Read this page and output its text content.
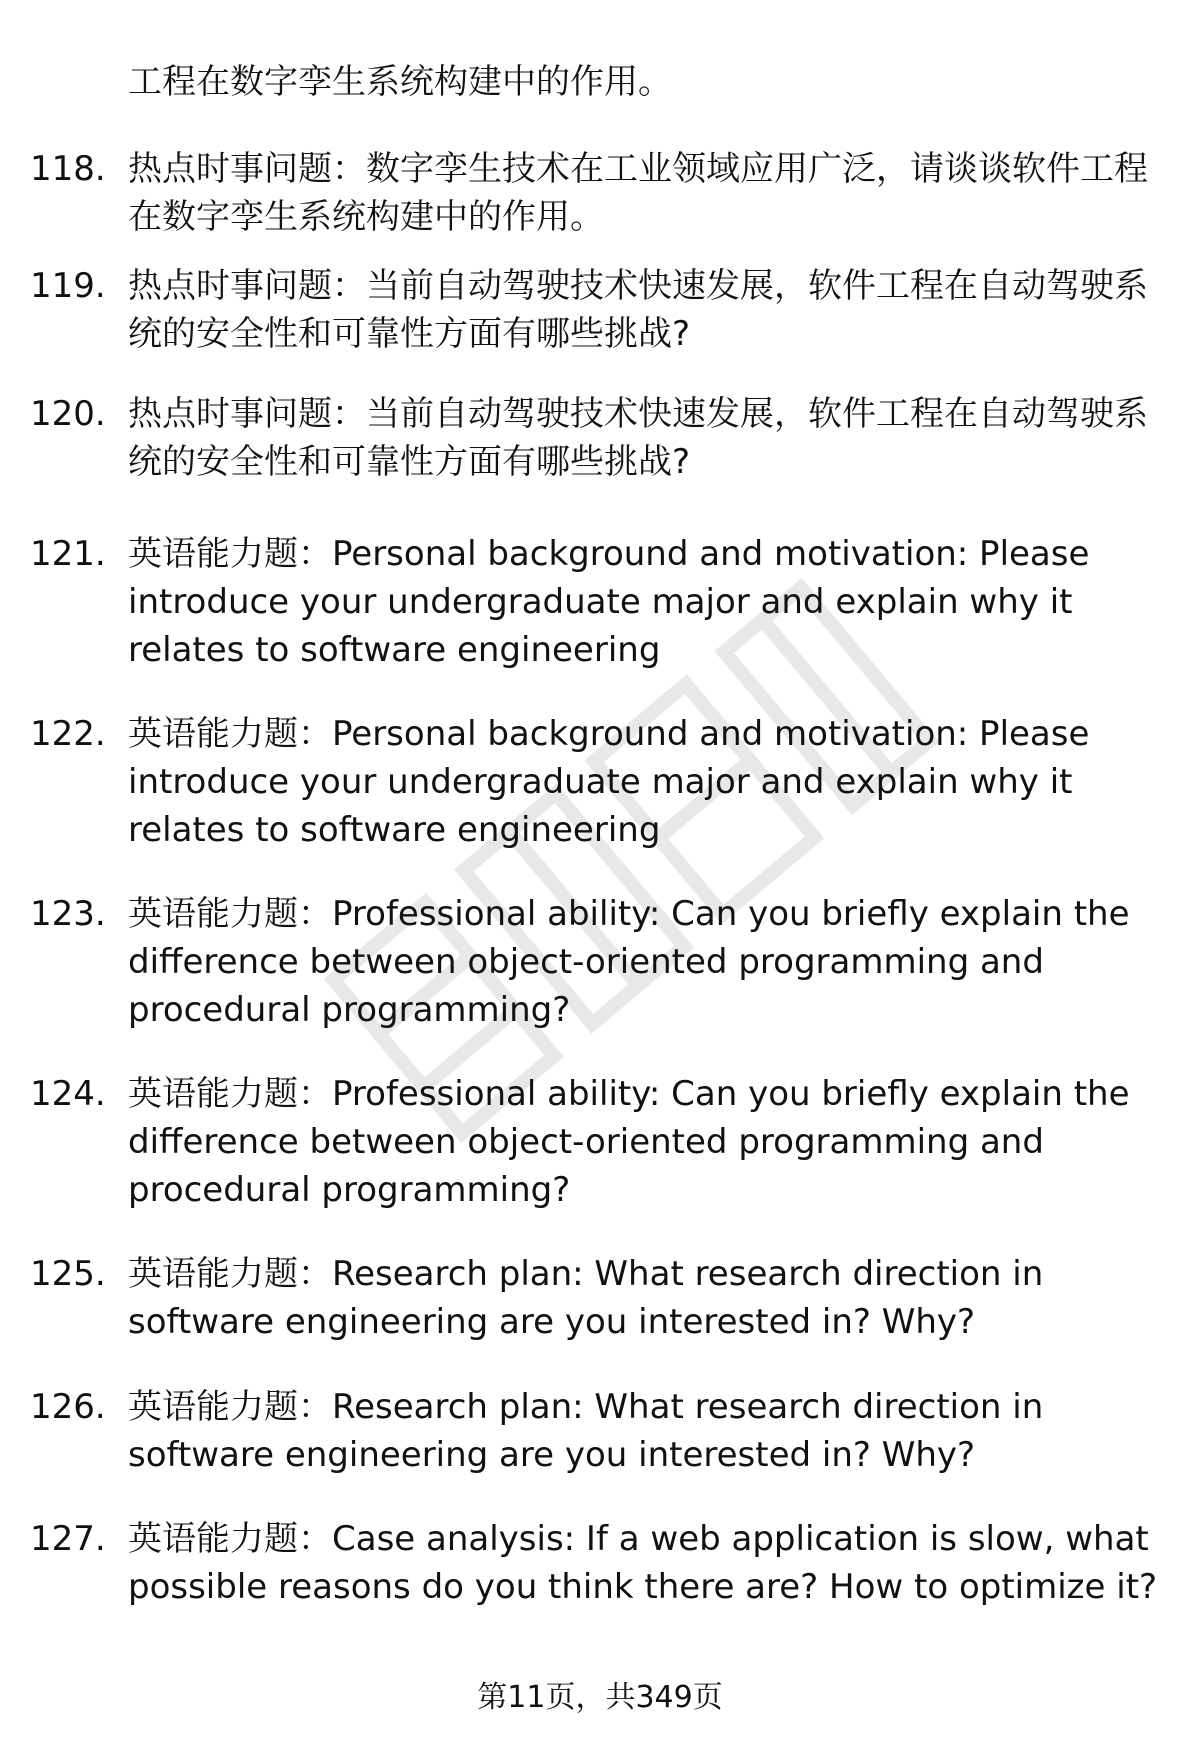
工程在数字孪生系统构建中的作用。
118. 热点时事问题：数字孪生技术在工业领域应用广泛，请谈谈软件工程在数字孪生系统构建中的作用。
119. 热点时事问题：当前自动驾驶技术快速发展，软件工程在自动驾驶系统的安全性和可靠性方面有哪些挑战?
120. 热点时事问题：当前自动驾驶技术快速发展，软件工程在自动驾驶系统的安全性和可靠性方面有哪些挑战?
121. 英语能力题：Personal background and motivation: Please introduce your undergraduate major and explain why it relates to software engineering
122. 英语能力题：Personal background and motivation: Please introduce your undergraduate major and explain why it relates to software engineering
123. 英语能力题：Professional ability: Can you briefly explain the difference between object-oriented programming and procedural programming?
124. 英语能力题：Professional ability: Can you briefly explain the difference between object-oriented programming and procedural programming?
125. 英语能力题：Research plan: What research direction in software engineering are you interested in? Why?
126. 英语能力题：Research plan: What research direction in software engineering are you interested in? Why?
127. 英语能力题：Case analysis: If a web application is slow, what possible reasons do you think there are? How to optimize it?
第11页，共349页
